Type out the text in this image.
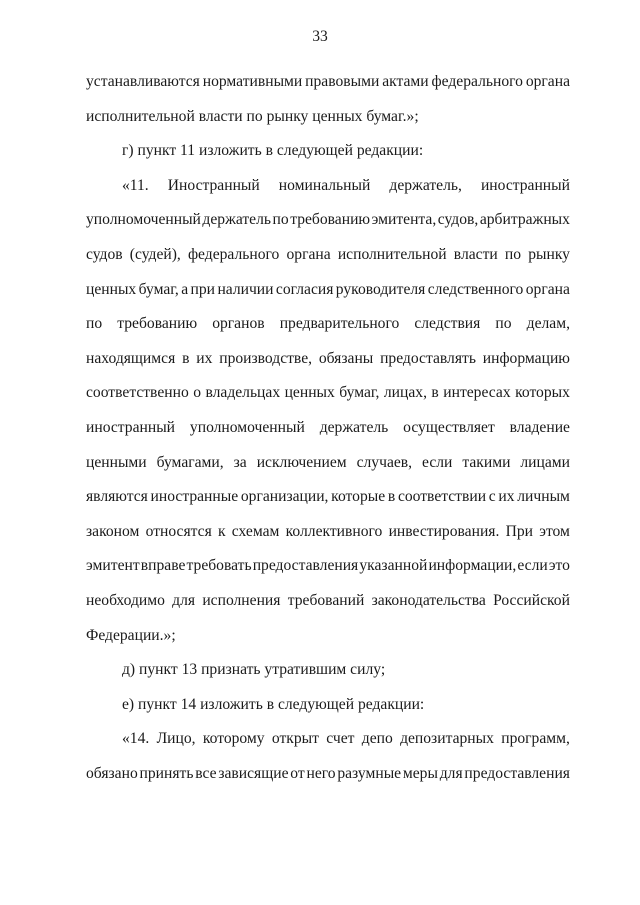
33
устанавливаются нормативными правовыми актами федерального органа
исполнительной власти по рынку ценных бумаг.»;
г) пункт 11 изложить в следующей редакции:
«11. Иностранный номинальный держатель, иностранный
уполномоченный держатель по требованию эмитента, судов, арбитражных
судов (судей), федерального органа исполнительной власти по рынку
ценных бумаг, а при наличии согласия руководителя следственного органа
по требованию органов предварительного следствия по делам,
находящимся в их производстве, обязаны предоставлять информацию
соответственно о владельцах ценных бумаг, лицах, в интересах которых
иностранный уполномоченный держатель осуществляет владение
ценными бумагами, за исключением случаев, если такими лицами
являются иностранные организации, которые в соответствии с их личным
законом относятся к схемам коллективного инвестирования. При этом
эмитент вправе требовать предоставления указанной информации, если это
необходимо для исполнения требований законодательства Российской
Федерации.»;
д) пункт 13 признать утратившим силу;
е) пункт 14 изложить в следующей редакции:
«14. Лицо, которому открыт счет депо депозитарных программ,
обязано принять все зависящие от него разумные меры для предоставления
